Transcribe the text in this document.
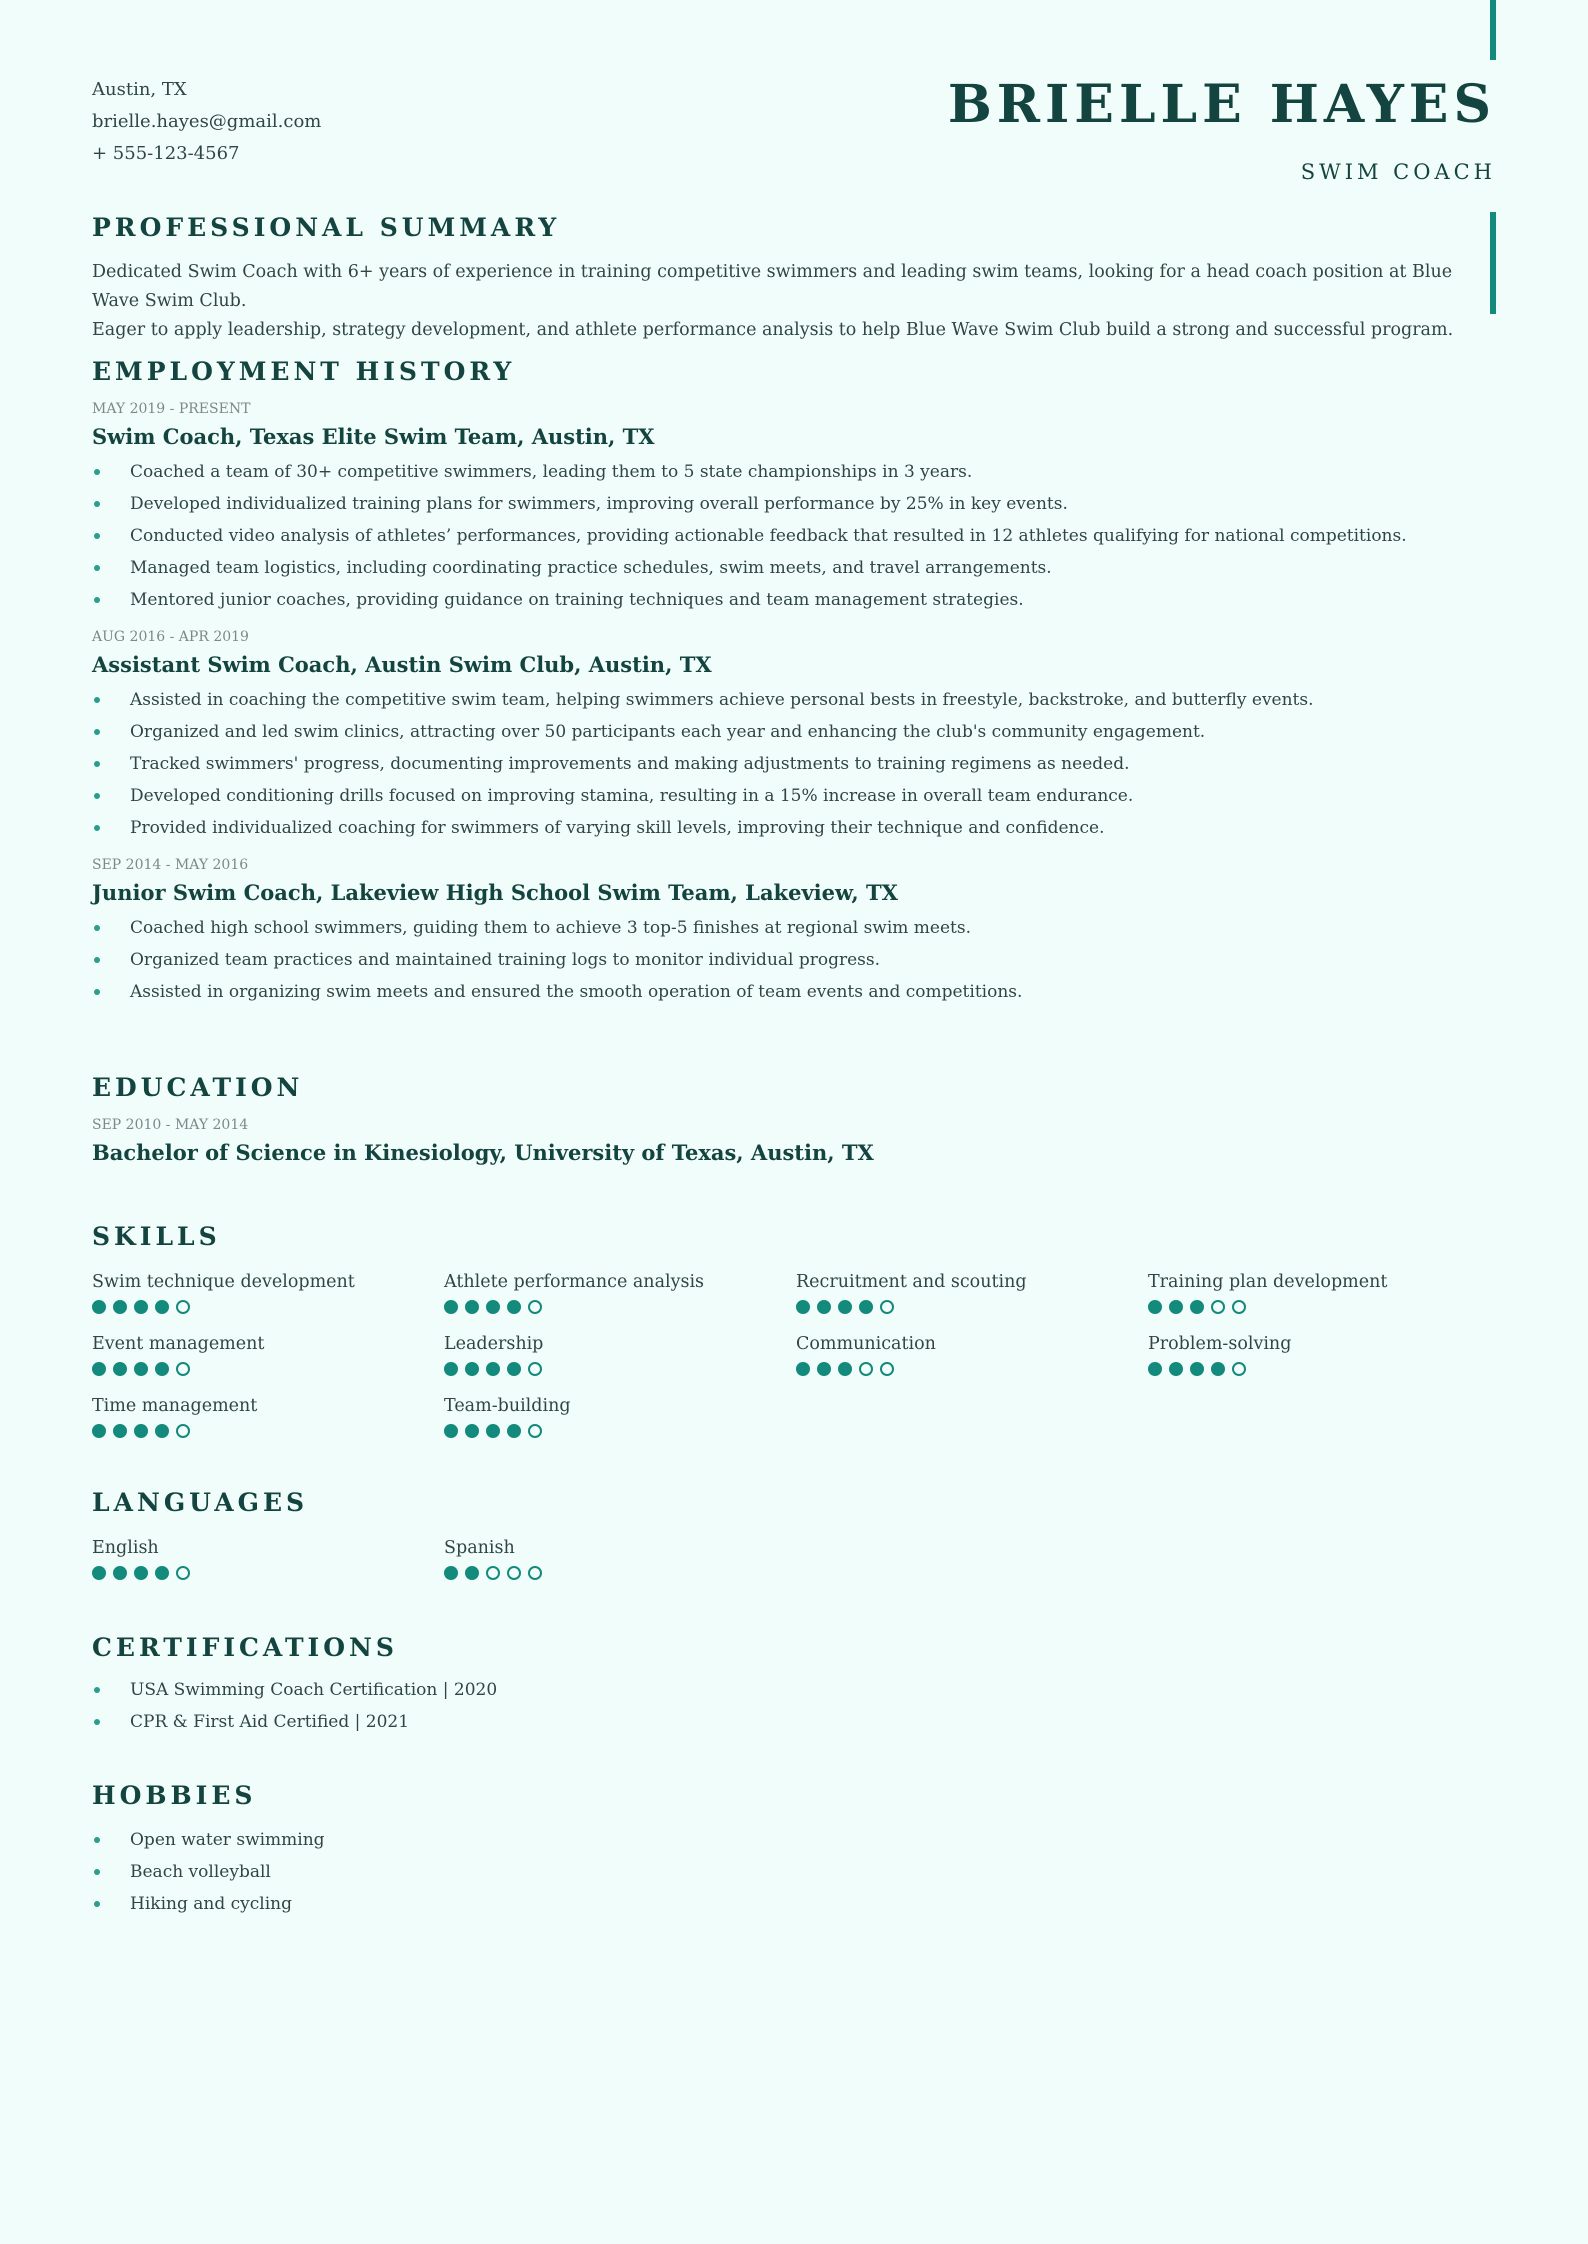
Austin, TX
brielle.hayes@gmail.com
+ 555-123-4567
BRIELLE HAYES
SWIM COACH
PROFESSIONAL SUMMARY

Dedicated Swim Coach with 6+ years of experience in training competitive swimmers and leading swim teams, looking for a head coach position at Blue Wave Swim Club.
Eager to apply leadership, strategy development, and athlete performance analysis to help Blue Wave Swim Club build a strong and successful program.

EMPLOYMENT HISTORY
MAY 2019 - PRESENT
Swim Coach, Texas Elite Swim Team, Austin, TX
Coached a team of 30+ competitive swimmers, leading them to 5 state championships in 3 years.
Developed individualized training plans for swimmers, improving overall performance by 25% in key events.
Conducted video analysis of athletes’ performances, providing actionable feedback that resulted in 12 athletes qualifying for national competitions.
Managed team logistics, including coordinating practice schedules, swim meets, and travel arrangements.
Mentored junior coaches, providing guidance on training techniques and team management strategies.
AUG 2016 - APR 2019
Assistant Swim Coach, Austin Swim Club, Austin, TX
Assisted in coaching the competitive swim team, helping swimmers achieve personal bests in freestyle, backstroke, and butterfly events.
Organized and led swim clinics, attracting over 50 participants each year and enhancing the club's community engagement.
Tracked swimmers' progress, documenting improvements and making adjustments to training regimens as needed.
Developed conditioning drills focused on improving stamina, resulting in a 15% increase in overall team endurance.
Provided individualized coaching for swimmers of varying skill levels, improving their technique and confidence.
SEP 2014 - MAY 2016
Junior Swim Coach, Lakeview High School Swim Team, Lakeview, TX
Coached high school swimmers, guiding them to achieve 3 top-5 finishes at regional swim meets.
Organized team practices and maintained training logs to monitor individual progress.
Assisted in organizing swim meets and ensured the smooth operation of team events and competitions.
EDUCATION
SEP 2010 - MAY 2014
Bachelor of Science in Kinesiology, University of Texas, Austin, TX
SKILLS
Swim technique development	Athlete performance analysis	Recruitment and scouting	Training plan development
Event management	Leadership	Communication	Problem-solving
Time management	Team-building
LANGUAGES
English	Spanish
CERTIFICATIONS
USA Swimming Coach Certification | 2020
CPR & First Aid Certified | 2021
HOBBIES
Open water swimming
Beach volleyball
Hiking and cycling
